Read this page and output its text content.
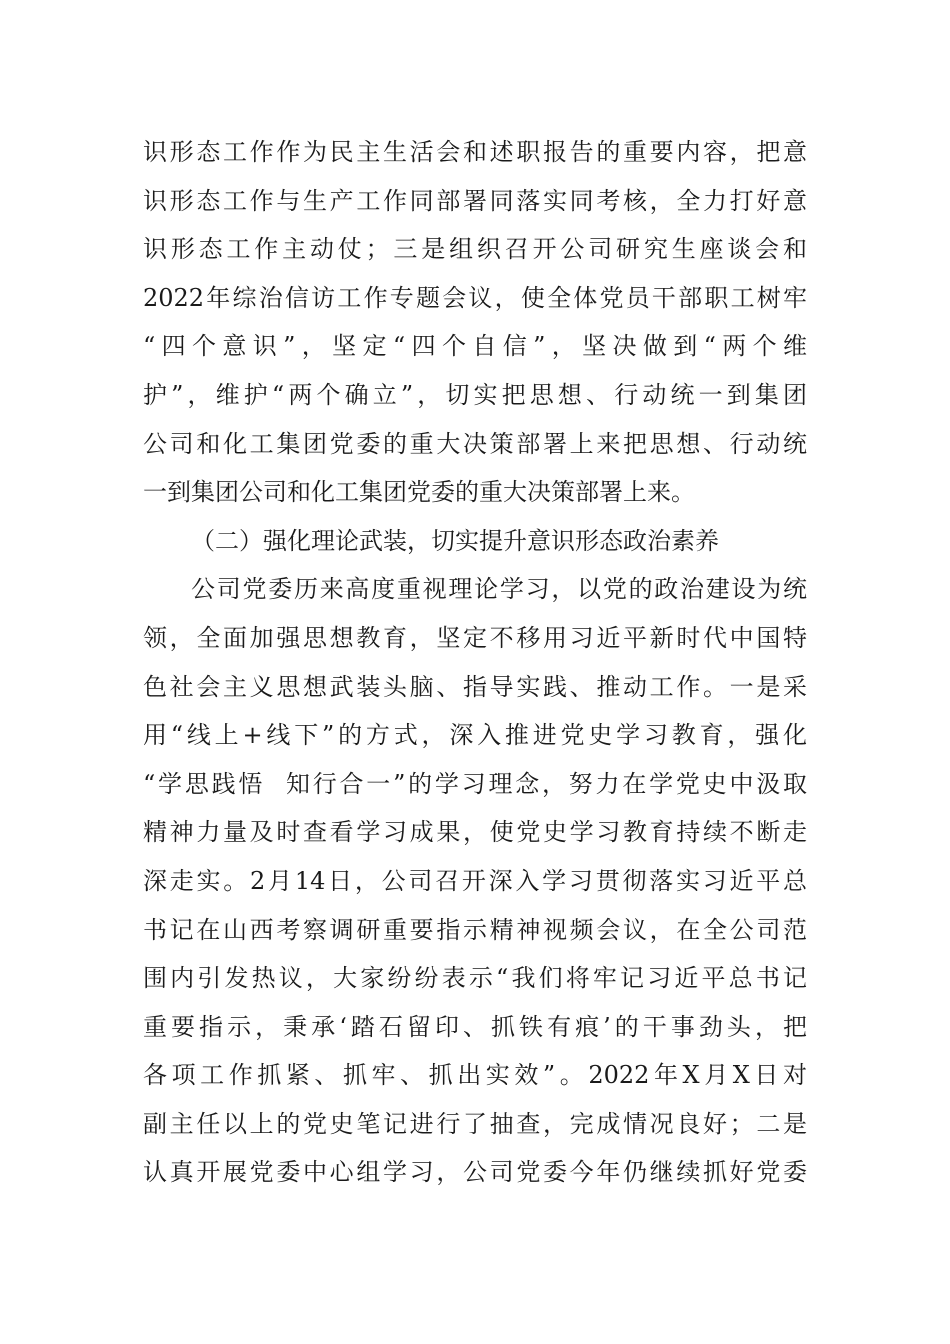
识形态工作作为民主生活会和述职报告的重要内容，把意
识形态工作与生产工作同部署同落实同考核，全力打好意
识形态工作主动仗；三是组织召开公司研究生座谈会和
2022年综治信访工作专题会议，使全体党员干部职工树牢
“四个意识”，坚定“四个自信”，坚决做到“两个维
护”，维护“两个确立”，切实把思想、行动统一到集团
公司和化工集团党委的重大决策部署上来把思想、行动统
一到集团公司和化工集团党委的重大决策部署上来。
（二）强化理论武装，切实提升意识形态政治素养
公司党委历来高度重视理论学习，以党的政治建设为统
领，全面加强思想教育，坚定不移用习近平新时代中国特
色社会主义思想武装头脑、指导实践、推动工作。一是采
用“线上+线下”的方式，深入推进党史学习教育，强化
“学思践悟  知行合一”的学习理念，努力在学党史中汲取
精神力量及时查看学习成果，使党史学习教育持续不断走
深走实。2月14日，公司召开深入学习贯彻落实习近平总
书记在山西考察调研重要指示精神视频会议，在全公司范
围内引发热议，大家纷纷表示“我们将牢记习近平总书记
重要指示，秉承‘踏石留印、抓铁有痕’的干事劲头，把
各项工作抓紧、抓牢、抓出实效”。2022年X月X日对
副主任以上的党史笔记进行了抽查，完成情况良好；二是
认真开展党委中心组学习，公司党委今年仍继续抓好党委
